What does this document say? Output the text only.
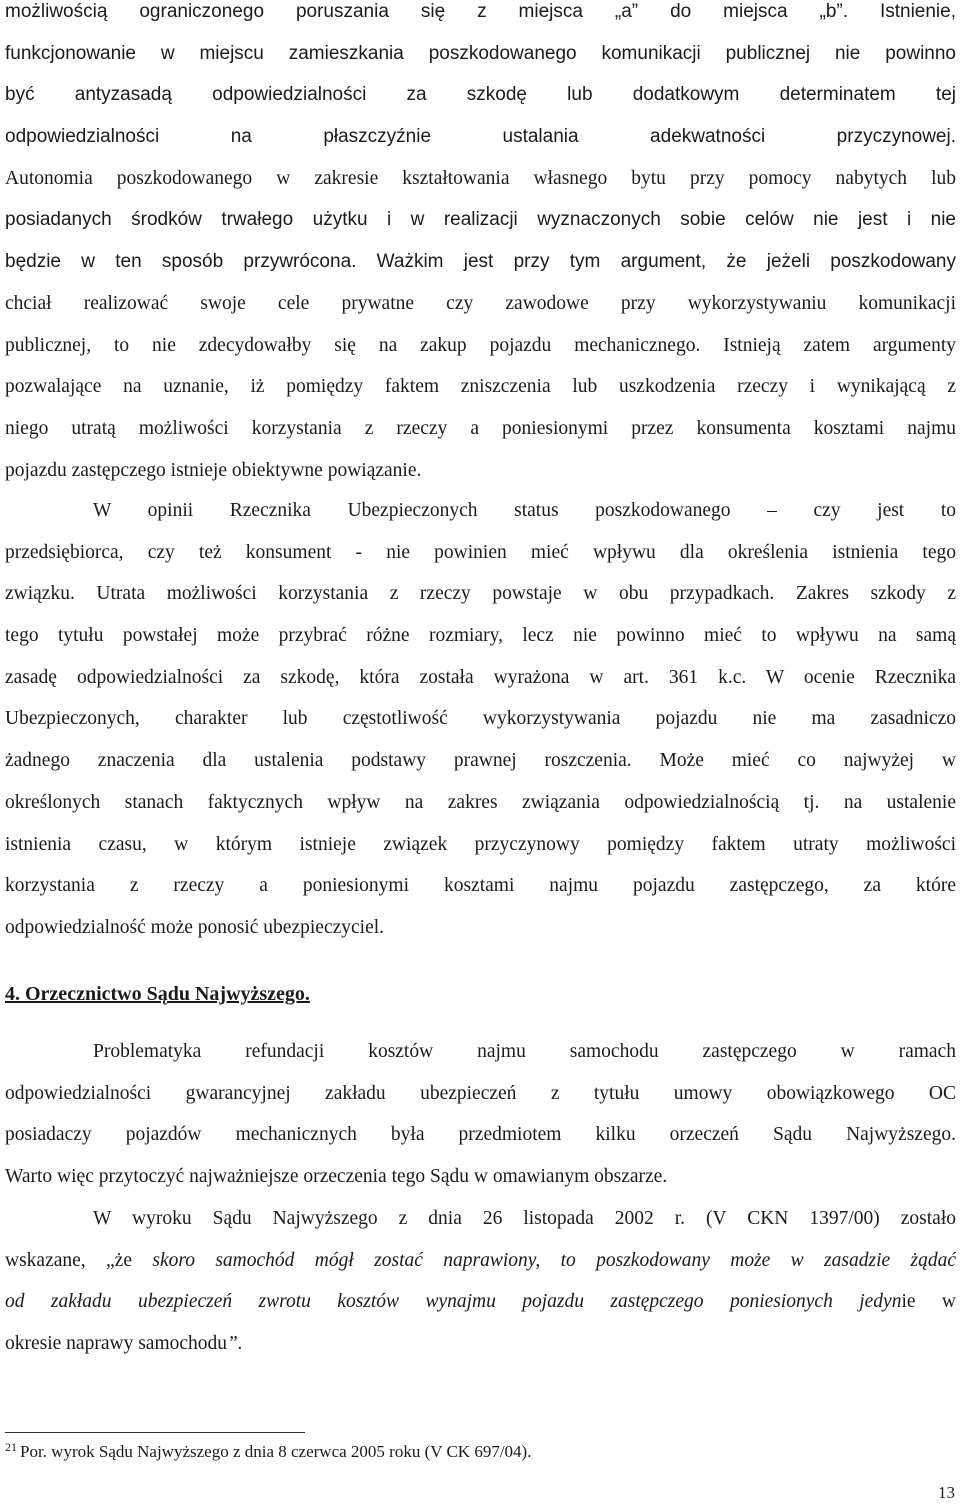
możliwością ograniczonego poruszania się z miejsca „a” do miejsca „b”. Istnienie,
funkcjonowanie w miejscu zamieszkania poszkodowanego komunikacji publicznej nie powinno
być antyzasadą odpowiedzialności za szkodę lub dodatkowym determinatem tej
odpowiedzialności na płaszczyźnie ustalania adekwatności przyczynowej.
Autonomia poszkodowanego w zakresie kształtowania własnego bytu przy pomocy nabytych lub
posiadanych środków trwałego użytku i w realizacji wyznaczonych sobie celów nie jest i nie
będzie w ten sposób przywrócona. Ważkim jest przy tym argument, że jeżeli poszkodowany
chciał realizować swoje cele prywatne czy zawodowe przy wykorzystywaniu komunikacji
publicznej, to nie zdecydowałby się na zakup pojazdu mechanicznego. Istnieją zatem argumenty
pozwalające na uznanie, iż pomiędzy faktem zniszczenia lub uszkodzenia rzeczy i wynikającą z
niego utratą możliwości korzystania z rzeczy a poniesionymi przez konsumenta kosztami najmu
pojazdu zastępczego istnieje obiektywne powiązanie.
W opinii Rzecznika Ubezpieczonych status poszkodowanego – czy jest to
przedsiębiorca, czy też konsument - nie powinien mieć wpływu dla określenia istnienia tego
związku. Utrata możliwości korzystania z rzeczy powstaje w obu przypadkach. Zakres szkody z
tego tytułu powstałej może przybrać różne rozmiary, lecz nie powinno mieć to wpływu na samą
zasadę odpowiedzialności za szkodę, która została wyrażona w art. 361 k.c. W ocenie Rzecznika
Ubezpieczonych, charakter lub częstotliwość wykorzystywania pojazdu nie ma zasadniczo
żadnego znaczenia dla ustalenia podstawy prawnej roszczenia. Może mieć co najwyżej w
określonych stanach faktycznych wpływ na zakres związania odpowiedzialnością tj. na ustalenie
istnienia czasu, w którym istnieje związek przyczynowy pomiędzy faktem utraty możliwości
korzystania z rzeczy a poniesionymi kosztami najmu pojazdu zastępczego, za które
odpowiedzialność może ponosić ubezpieczyciel.
4. Orzecznictwo Sądu Najwyższego.
Problematyka refundacji kosztów najmu samochodu zastępczego w ramach
odpowiedzialności gwarancyjnej zakładu ubezpieczeń z tytułu umowy obowiązkowego OC
posiadaczy pojazdów mechanicznych była przedmiotem kilku orzeczeń Sądu Najwyższego.
Warto więc przytoczyć najważniejsze orzeczenia tego Sądu w omawianym obszarze.
W wyroku Sądu Najwyższego z dnia 26 listopada 2002 r. (V CKN 1397/00) zostało
wskazane, „że skoro samochód mógł zostać naprawiony, to poszkodowany może w zasadzie żądać
od zakładu ubezpieczeń zwrotu kosztów wynajmu pojazdu zastępczego poniesionych jedynie w
okresie naprawy samochodu”.
$^{21}$ Por. wyrok Sądu Najwyższego z dnia 8 czerwca 2005 roku (V CK 697/04).
13
